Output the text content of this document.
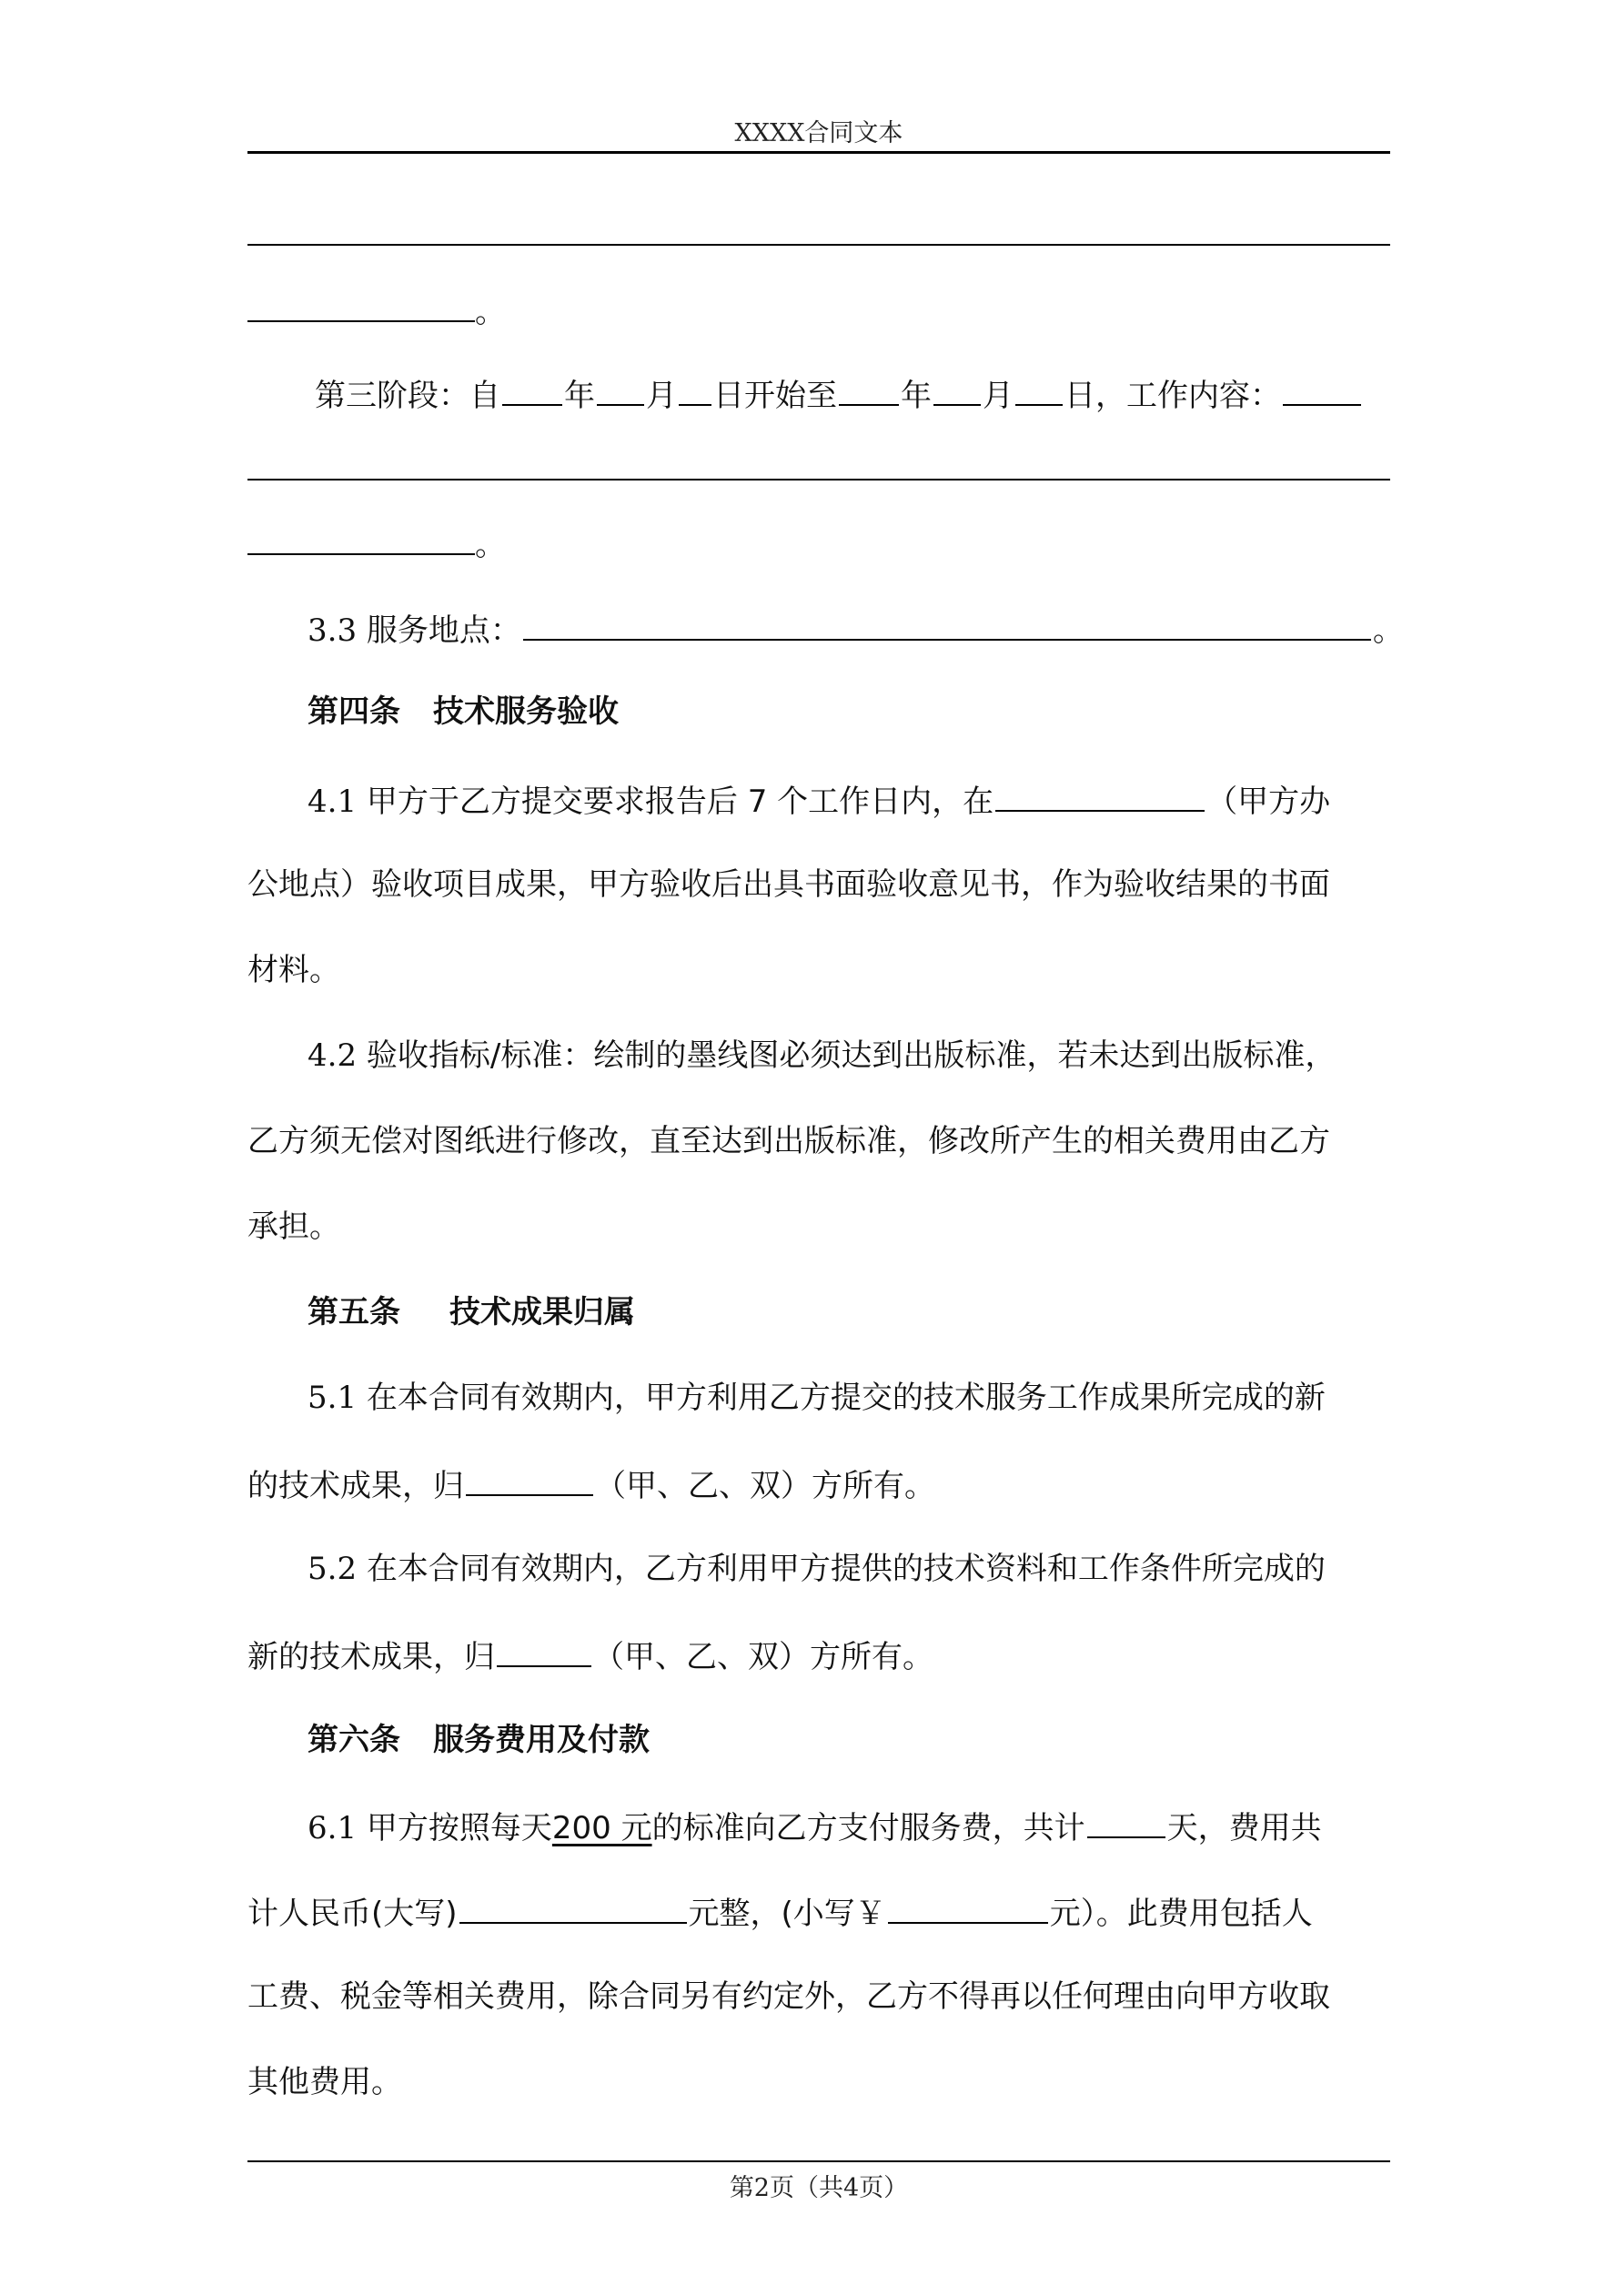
XXXX合同文本
。
第三阶段：自 年 月 日开始至 年 月 日，工作内容：
。
3.3 服务地点：	。
第四条 技术服务验收
4.1 甲方于乙方提交要求报告后 7 个工作日内，在	（甲方办
公地点）验收项目成果，甲方验收后出具书面验收意见书，作为验收结果的书面
材料。
4.2 验收指标/标准：绘制的墨线图必须达到出版标准，若未达到出版标准，
乙方须无偿对图纸进行修改，直至达到出版标准，修改所产生的相关费用由乙方
承担。
第五条 技术成果归属
5.1 在本合同有效期内，甲方利用乙方提交的技术服务工作成果所完成的新
的技术成果，归	（甲、乙、双）方所有。
5.2 在本合同有效期内，乙方利用甲方提供的技术资料和工作条件所完成的
新的技术成果，归	（甲、乙、双）方所有。
第六条 服务费用及付款
6.1 甲方按照每天200 元的标准向乙方支付服务费，共计	天，费用共
计人民币(大写)	元整，(小写￥	元）。此费用包括人
工费、税金等相关费用，除合同另有约定外，乙方不得再以任何理由向甲方收取
其他费用。
第2页（共4页）
